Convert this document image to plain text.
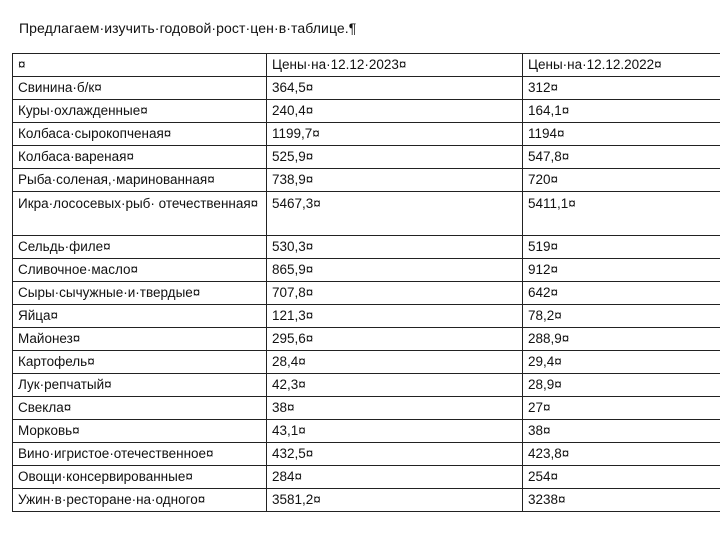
Предлагаем·изучить·годовой·рост·цен·в·таблице.¶
¤	Цены·на·12.12·2023¤	Цены·на·12.12.2022¤
Свинина·б/к¤	364,5¤	312¤
Куры·охлажденные¤	240,4¤	164,1¤
Колбаса·сырокопченая¤	1199,7¤	1194¤
Колбаса·вареная¤	525,9¤	547,8¤
Рыба·соленая,·маринованная¤	738,9¤	720¤
Икра·лососевых·рыб· отечественная¤	5467,3¤	5411,1¤
Сельдь·филе¤	530,3¤	519¤
Сливочное·масло¤	865,9¤	912¤
Сыры·сычужные·и·твердые¤	707,8¤	642¤
Яйца¤	121,3¤	78,2¤
Майонез¤	295,6¤	288,9¤
Картофель¤	28,4¤	29,4¤
Лук·репчатый¤	42,3¤	28,9¤
Свекла¤	38¤	27¤
Морковь¤	43,1¤	38¤
Вино·игристое·отечественное¤	432,5¤	423,8¤
Овощи·консервированные¤	284¤	254¤
Ужин·в·ресторане·на·одного¤	3581,2¤	3238¤
